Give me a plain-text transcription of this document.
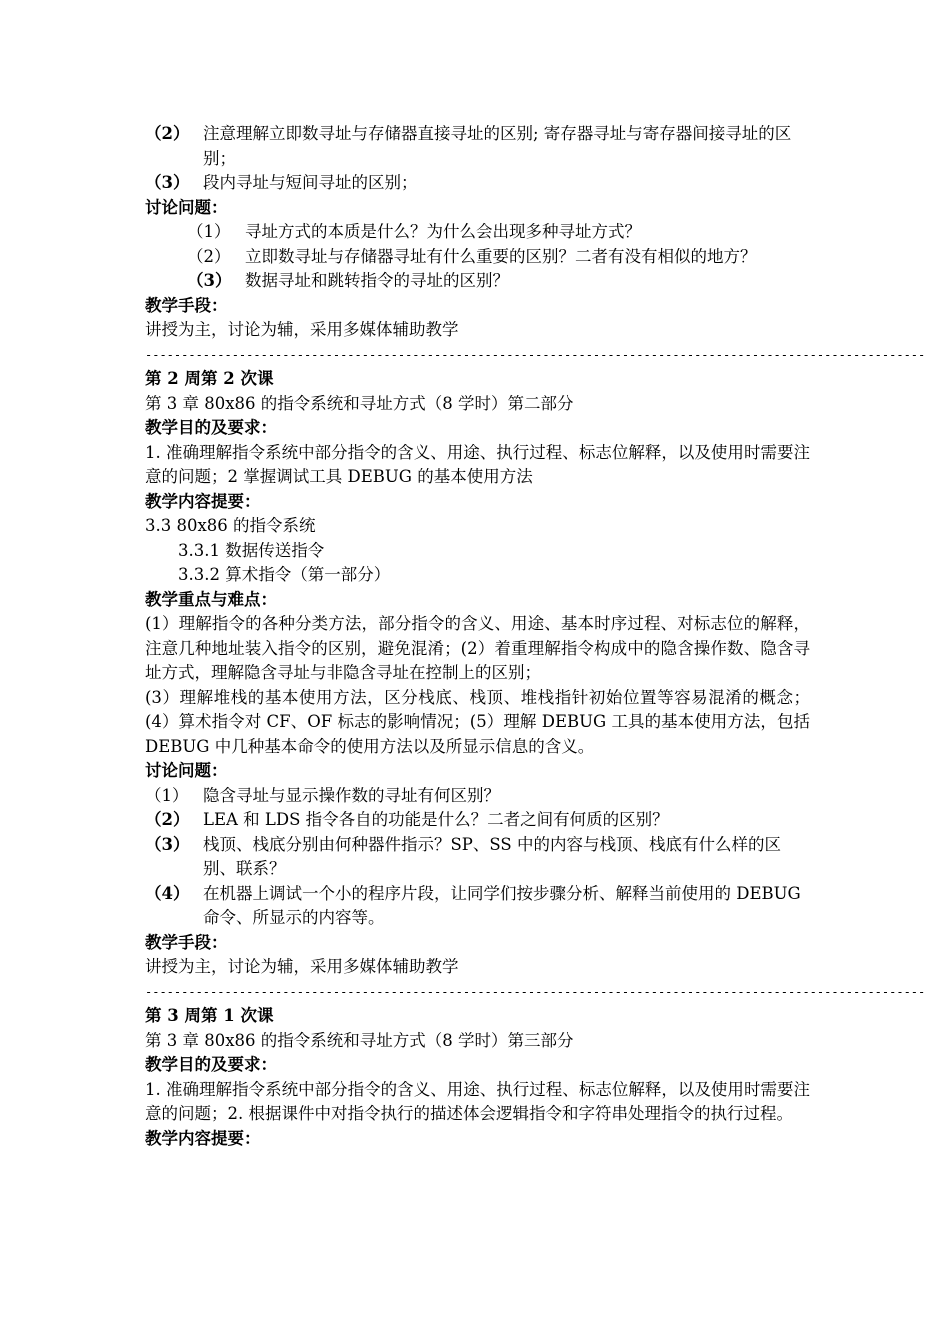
（2） 注意理解立即数寻址与存储器直接寻址的区别; 寄存器寻址与寄存器间接寻址的区别；
（3） 段内寻址与短间寻址的区别；
讨论问题：
（1） 寻址方式的本质是什么？为什么会出现多种寻址方式？
（2） 立即数寻址与存储器寻址有什么重要的区别？二者有没有相似的地方？
（3） 数据寻址和跳转指令的寻址的区别？
教学手段：
讲授为主，讨论为辅，采用多媒体辅助教学
------------------------------------------------------------------------------------------------------------
第 2 周第 2 次课
第 3 章 80x86 的指令系统和寻址方式（8 学时）第二部分
教学目的及要求：
1. 准确理解指令系统中部分指令的含义、用途、执行过程、标志位解释，以及使用时需要注意的问题；2 掌握调试工具 DEBUG 的基本使用方法
教学内容提要：
3.3 80x86 的指令系统
3.3.1 数据传送指令
3.3.2 算术指令（第一部分）
教学重点与难点：
(1）理解指令的各种分类方法，部分指令的含义、用途、基本时序过程、对标志位的解释，注意几种地址装入指令的区别，避免混淆；(2）着重理解指令构成中的隐含操作数、隐含寻址方式，理解隐含寻址与非隐含寻址在控制上的区别；
(3）理解堆栈的基本使用方法，区分栈底、栈顶、堆栈指针初始位置等容易混淆的概念；(4）算术指令对 CF、OF 标志的影响情况；(5）理解 DEBUG 工具的基本使用方法，包括 DEBUG 中几种基本命令的使用方法以及所显示信息的含义。
讨论问题：
（1） 隐含寻址与显示操作数的寻址有何区别？
（2） LEA 和 LDS 指令各自的功能是什么？二者之间有何质的区别？
（3） 栈顶、栈底分别由何种器件指示？SP、SS 中的内容与栈顶、栈底有什么样的区别、联系？
（4） 在机器上调试一个小的程序片段，让同学们按步骤分析、解释当前使用的 DEBUG 命令、所显示的内容等。
教学手段：
讲授为主，讨论为辅，采用多媒体辅助教学
------------------------------------------------------------------------------------------------------------
第 3 周第 1 次课
第 3 章 80x86 的指令系统和寻址方式（8 学时）第三部分
教学目的及要求：
1. 准确理解指令系统中部分指令的含义、用途、执行过程、标志位解释，以及使用时需要注意的问题；2. 根据课件中对指令执行的描述体会逻辑指令和字符串处理指令的执行过程。
教学内容提要：
